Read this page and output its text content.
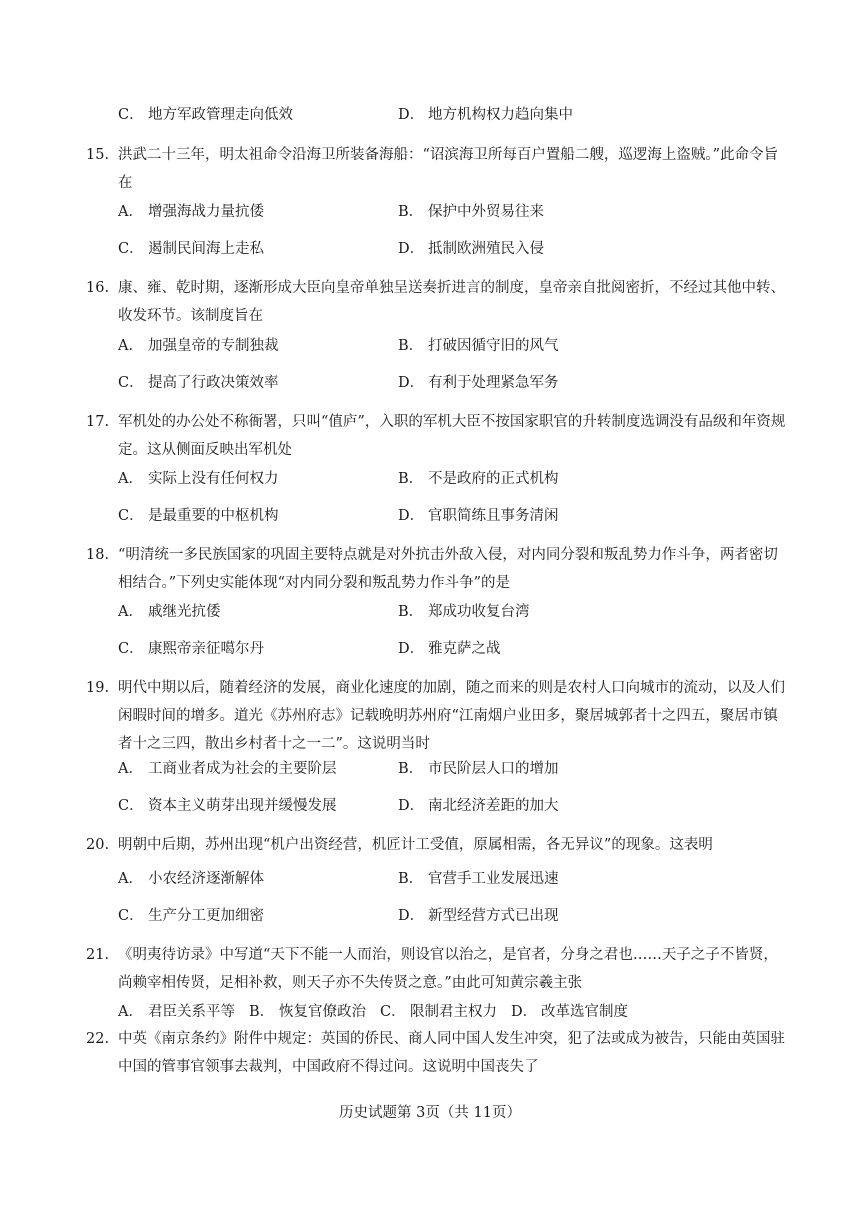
C． 地方军政管理走向低效	D． 地方机构权力趋向集中
15. 洪武二十三年，明太祖命令沿海卫所装备海船：“诏滨海卫所每百户置船二艘，巡逻海上盗贼。”此命令旨在
A． 增强海战力量抗倭	B． 保护中外贸易往来
C． 遏制民间海上走私	D． 抵制欧洲殖民入侵
16. 康、雍、乾时期，逐渐形成大臣向皇帝单独呈送奏折进言的制度，皇帝亲自批阅密折，不经过其他中转、收发环节。该制度旨在
A． 加强皇帝的专制独裁	B． 打破因循守旧的风气
C． 提高了行政决策效率	D． 有利于处理紧急军务
17. 军机处的办公处不称衙署，只叫“值庐”，入职的军机大臣不按国家职官的升转制度选调没有品级和年资规定。这从侧面反映出军机处
A． 实际上没有任何权力	B． 不是政府的正式机构
C． 是最重要的中枢机构	D． 官职简练且事务清闲
18. “明清统一多民族国家的巩固主要特点就是对外抗击外敌入侵，对内同分裂和叛乱势力作斗争，两者密切相结合。”下列史实能体现“对内同分裂和叛乱势力作斗争”的是
A． 戚继光抗倭	B． 郑成功收复台湾
C． 康熙帝亲征噶尔丹	D． 雅克萨之战
19. 明代中期以后，随着经济的发展，商业化速度的加剧，随之而来的则是农村人口向城市的流动，以及人们闲暇时间的增多。道光《苏州府志》记载晚明苏州府“江南烟户业田多，聚居城郭者十之四五，聚居市镇者十之三四，散出乡村者十之一二”。这说明当时
A． 工商业者成为社会的主要阶层	B． 市民阶层人口的增加
C． 资本主义萌芽出现并缓慢发展	D． 南北经济差距的加大
20. 明朝中后期，苏州出现“机户出资经营，机匠计工受值，原属相需，各无异议”的现象。这表明
A． 小农经济逐渐解体	B． 官营手工业发展迅速
C． 生产分工更加细密	D． 新型经营方式已出现
21. 《明夷待访录》中写道“天下不能一人而治，则设官以治之，是官者，分身之君也……天子之子不皆贤，尚赖宰相传贤，足相补救，则天子亦不失传贤之意。”由此可知黄宗羲主张
A． 君臣关系平等 B． 恢复官僚政治 C． 限制君主权力 D． 改革选官制度
22. 中英《南京条约》附件中规定：英国的侨民、商人同中国人发生冲突，犯了法或成为被告，只能由英国驻中国的管事官领事去裁判，中国政府不得过问。这说明中国丧失了
历史试题第 3页（共 11页）
